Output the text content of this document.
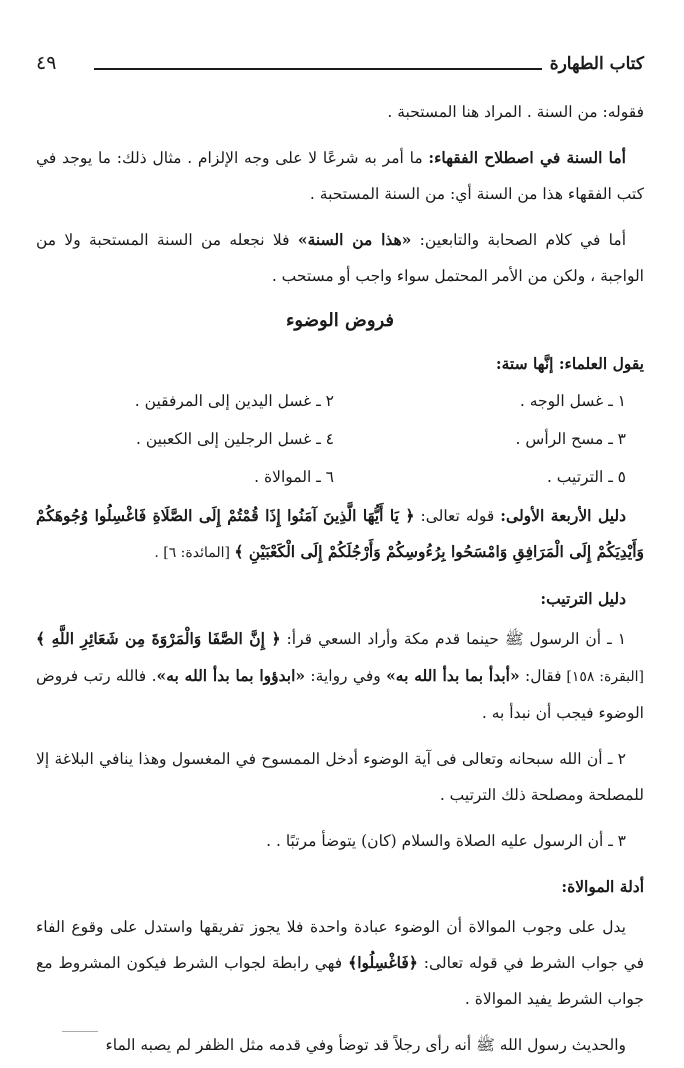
كتاب الطهارة
٤٩

فقوله: من السنة . المراد هنا المستحبة .

أما السنة في اصطلاح الفقهاء: ما أمر به شرعًا لا على وجه الإلزام . مثال ذلك: ما يوجد في كتب الفقهاء هذا من السنة أي: من السنة المستحبة .

أما في كلام الصحابة والتابعين: «هذا من السنة» فلا نجعله من السنة المستحبة ولا من الواجبة ، ولكن من الأمر المحتمل سواء واجب أو مستحب .

فروض الوضوء

يقول العلماء: إنَّها ستة:

١ ـ غسل الوجه .
٢ ـ غسل اليدين إلى المرفقين .
٣ ـ مسح الرأس .
٤ ـ غسل الرجلين إلى الكعبين .
٥ ـ الترتيب .
٦ ـ الموالاة .

دليل الأربعة الأولى: قوله تعالى: ﴿ يَا أَيُّهَا الَّذِينَ آمَنُوا إِذَا قُمْتُمْ إِلَى الصَّلَاةِ فَاغْسِلُوا وُجُوهَكُمْ وَأَيْدِيَكُمْ إِلَى الْمَرَافِقِ وَامْسَحُوا بِرُءُوسِكُمْ وَأَرْجُلَكُمْ إِلَى الْكَعْبَيْنِ ﴾ [المائدة: ٦] .

دليل الترتيب:

١ ـ أن الرسول ﷺ حينما قدم مكة وأراد السعي قرأ: ﴿ إِنَّ الصَّفَا وَالْمَرْوَةَ مِن شَعَائِرِ اللَّهِ ﴾ [البقرة: ١٥٨] فقال: «أبدأ بما بدأ الله به» وفي رواية: «ابدؤوا بما بدأ الله به». فالله رتب فروض الوضوء فيجب أن نبدأ به .

٢ ـ أن الله سبحانه وتعالى فى آية الوضوء أدخل الممسوح في المغسول وهذا ينافي البلاغة إلا للمصلحة ومصلحة ذلك الترتيب .

٣ ـ أن الرسول عليه الصلاة والسلام (كان) يتوضأ مرتبًا . .

أدلة الموالاة:

يدل على وجوب الموالاة أن الوضوء عبادة واحدة فلا يجوز تفريقها واستدل على وقوع الفاء في جواب الشرط في قوله تعالى: ﴿فَاغْسِلُوا﴾ فهي رابطة لجواب الشرط فيكون المشروط مع جواب الشرط يفيد الموالاة .

والحديث رسول الله ﷺ أنه رأى رجلاً قد توضأ وفي قدمه مثل الظفر لم يصبه الماء
